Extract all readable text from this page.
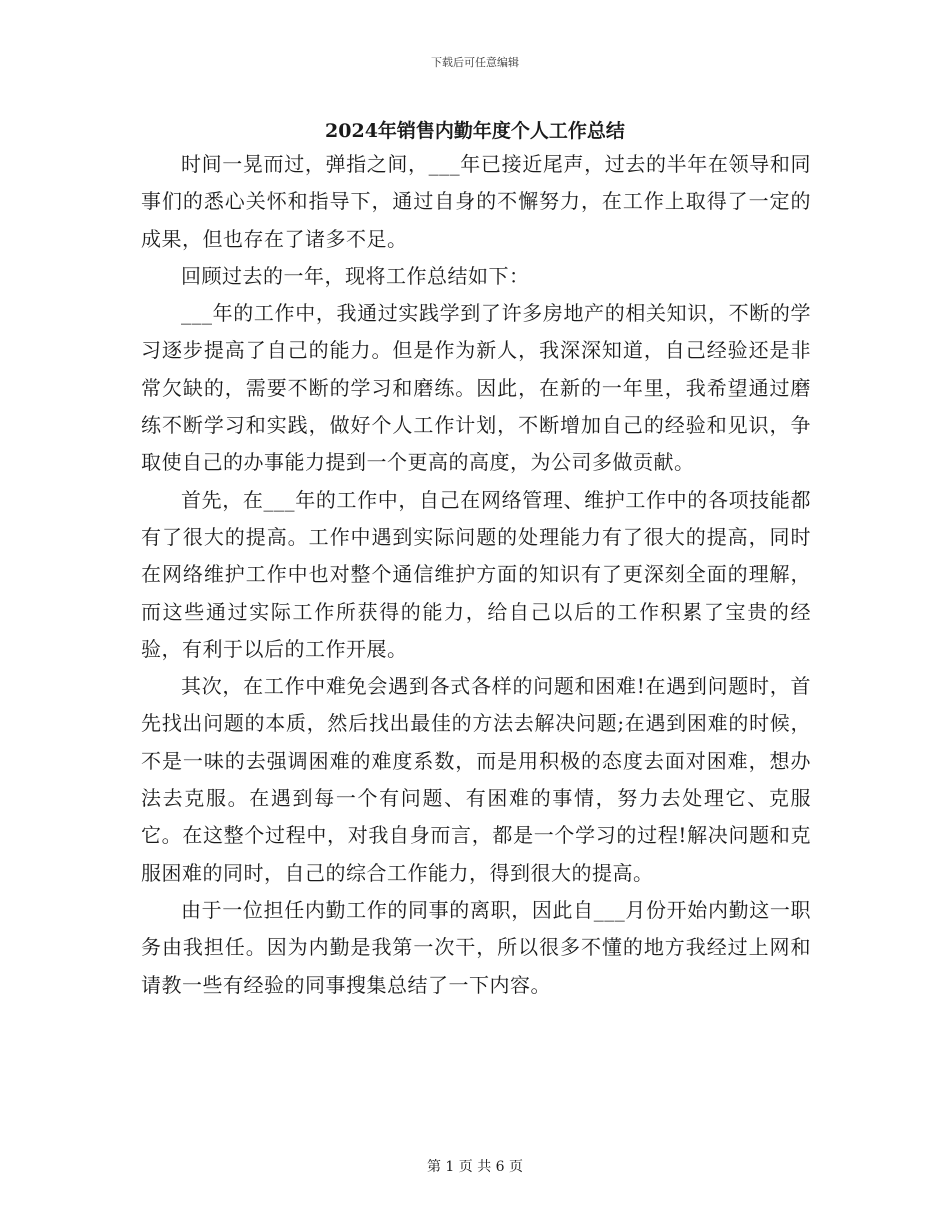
下载后可任意编辑
2024年销售内勤年度个人工作总结

时间一晃而过，弹指之间，___年已接近尾声，过去的半年在领导和同事们的悉心关怀和指导下，通过自身的不懈努力，在工作上取得了一定的成果，但也存在了诸多不足。

回顾过去的一年，现将工作总结如下：

___年的工作中，我通过实践学到了许多房地产的相关知识，不断的学习逐步提高了自己的能力。但是作为新人，我深深知道，自己经验还是非常欠缺的，需要不断的学习和磨练。因此，在新的一年里，我希望通过磨练不断学习和实践，做好个人工作计划，不断增加自己的经验和见识，争取使自己的办事能力提到一个更高的高度，为公司多做贡献。

首先，在___年的工作中，自己在网络管理、维护工作中的各项技能都有了很大的提高。工作中遇到实际问题的处理能力有了很大的提高，同时在网络维护工作中也对整个通信维护方面的知识有了更深刻全面的理解，而这些通过实际工作所获得的能力，给自己以后的工作积累了宝贵的经验，有利于以后的工作开展。

其次，在工作中难免会遇到各式各样的问题和困难!在遇到问题时，首先找出问题的本质，然后找出最佳的方法去解决问题;在遇到困难的时候，不是一味的去强调困难的难度系数，而是用积极的态度去面对困难，想办法去克服。在遇到每一个有问题、有困难的事情，努力去处理它、克服它。在这整个过程中，对我自身而言，都是一个学习的过程!解决问题和克服困难的同时，自己的综合工作能力，得到很大的提高。

由于一位担任内勤工作的同事的离职，因此自___月份开始内勤这一职务由我担任。因为内勤是我第一次干，所以很多不懂的地方我经过上网和请教一些有经验的同事搜集总结了一下内容。

第 1 页 共 6 页
